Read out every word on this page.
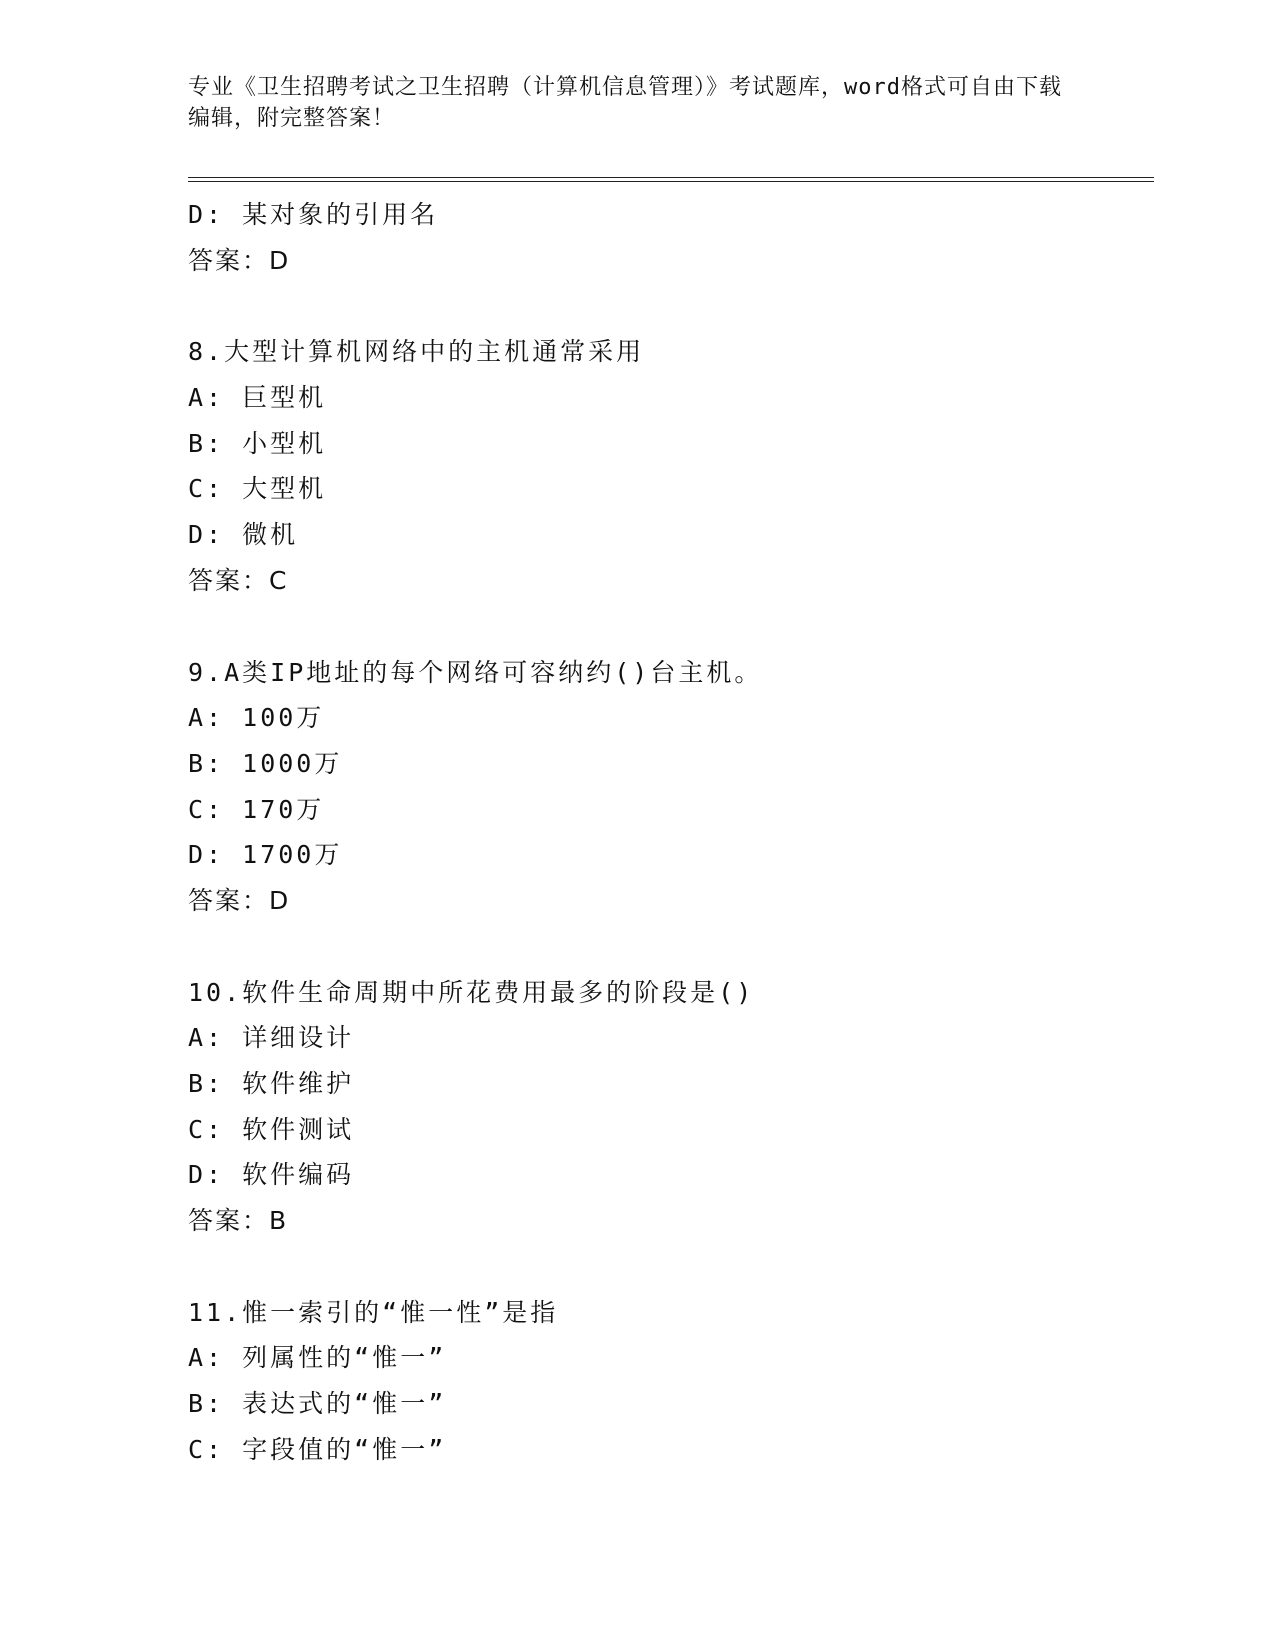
专业《卫生招聘考试之卫生招聘（计算机信息管理）》考试题库，word格式可自由下载编辑，附完整答案！
D: 某对象的引用名
答案：D
8.大型计算机网络中的主机通常采用
A: 巨型机
B: 小型机
C: 大型机
D: 微机
答案：C
9.A类IP地址的每个网络可容纳约()台主机。
A: 100万
B: 1000万
C: 170万
D: 1700万
答案：D
10.软件生命周期中所花费用最多的阶段是()
A: 详细设计
B: 软件维护
C: 软件测试
D: 软件编码
答案：B
11.惟一索引的“惟一性”是指
A: 列属性的“惟一”
B: 表达式的“惟一”
C: 字段值的“惟一”
